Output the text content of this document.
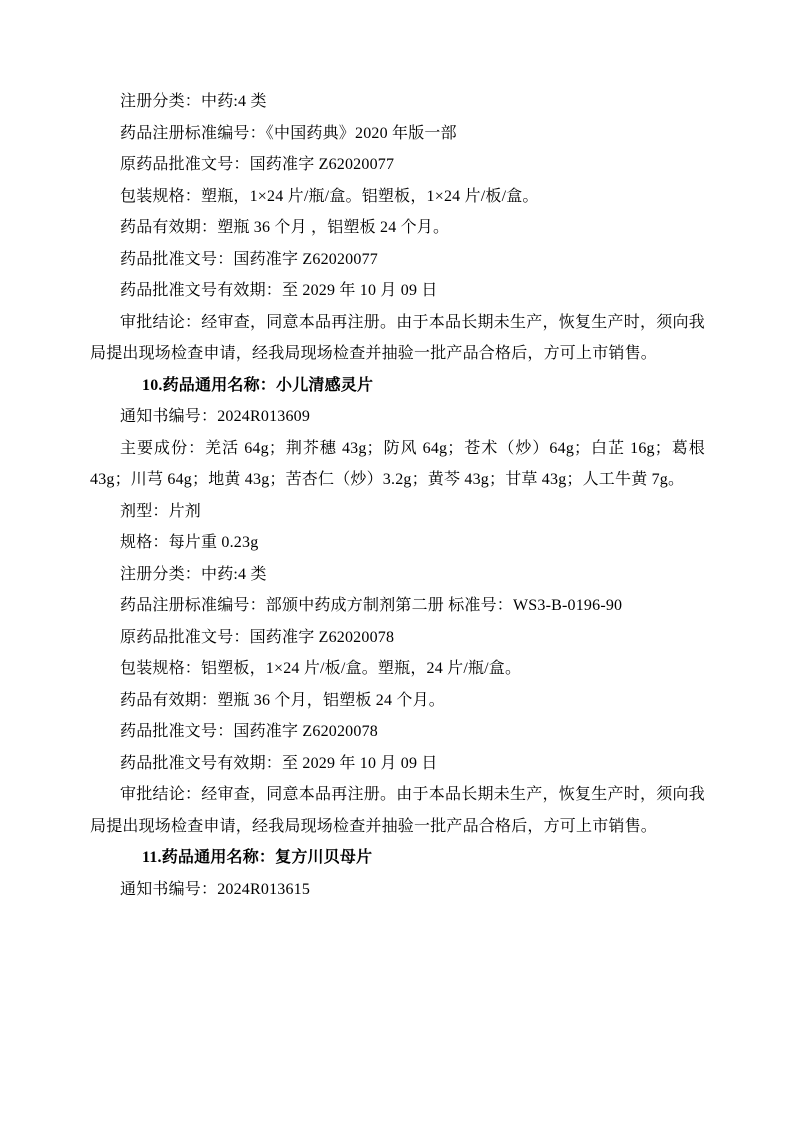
注册分类：中药:4 类

药品注册标准编号：《中国药典》2020 年版一部

原药品批准文号：国药准字 Z62020077

包装规格：塑瓶，1×24 片/瓶/盒。铝塑板，1×24 片/板/盒。

药品有效期：塑瓶 36 个月 ，铝塑板 24 个月。

药品批准文号：国药准字 Z62020077

药品批准文号有效期：至 2029 年 10 月 09 日

审批结论：经审查，同意本品再注册。由于本品长期未生产，恢复生产时，须向我局提出现场检查申请，经我局现场检查并抽验一批产品合格后，方可上市销售。

10.药品通用名称：小儿清感灵片

通知书编号：2024R013609

主要成份：羌活 64g；荆芥穗 43g；防风 64g；苍术（炒）64g；白芷 16g；葛根 43g；川芎 64g；地黄 43g；苦杏仁（炒）3.2g；黄芩 43g；甘草 43g；人工牛黄 7g。

剂型：片剂

规格：每片重 0.23g

注册分类：中药:4 类

药品注册标准编号：部颁中药成方制剂第二册 标准号：WS3-B-0196-90

原药品批准文号：国药准字 Z62020078

包装规格：铝塑板，1×24 片/板/盒。塑瓶，24 片/瓶/盒。

药品有效期：塑瓶 36 个月，铝塑板 24 个月。

药品批准文号：国药准字 Z62020078

药品批准文号有效期：至 2029 年 10 月 09 日

审批结论：经审查，同意本品再注册。由于本品长期未生产，恢复生产时，须向我局提出现场检查申请，经我局现场检查并抽验一批产品合格后，方可上市销售。

11.药品通用名称：复方川贝母片

通知书编号：2024R013615
